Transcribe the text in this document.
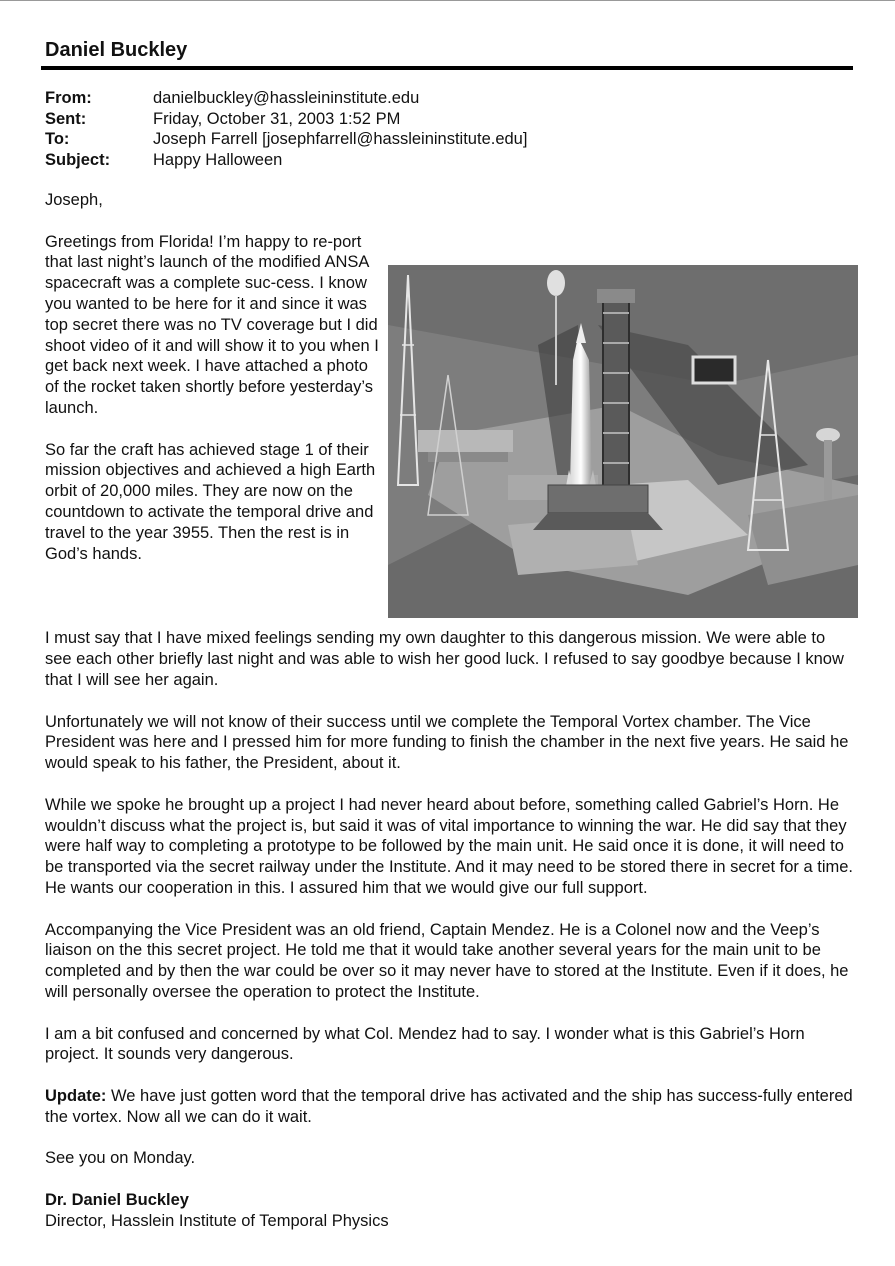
Daniel Buckley
From:	danielbuckley@hassleininstitute.edu
Sent:	Friday, October 31, 2003 1:52 PM
To:	Joseph Farrell [josephfarrell@hassleininstitute.edu]
Subject:	Happy Halloween

Joseph,

Greetings from Florida! I’m happy to re-port that last night’s launch of the modified ANSA spacecraft was a complete suc-cess. I know you wanted to be here for it and since it was top secret there was no TV coverage but I did shoot video of it and will show it to you when I get back next week. I have attached a photo of the rocket taken shortly before yesterday’s launch.

So far the craft has achieved stage 1 of their mission objectives and achieved a high Earth orbit of 20,000 miles. They are now on the countdown to activate the temporal drive and travel to the year 3955. Then the rest is in God’s hands.

I must say that I have mixed feelings sending my own daughter to this dangerous mission. We were able to see each other briefly last night and was able to wish her good luck. I refused to say goodbye because I know that I will see her again.

Unfortunately we will not know of their success until we complete the Temporal Vortex chamber. The Vice President was here and I pressed him for more funding to finish the chamber in the next five years. He said he would speak to his father, the President, about it.

While we spoke he brought up a project I had never heard about before, something called Gabriel’s Horn. He wouldn’t discuss what the project is, but said it was of vital importance to winning the war. He did say that they were half way to completing a prototype to be followed by the main unit. He said once it is done, it will need to be transported via the secret railway under the Institute. And it may need to be stored there in secret for a time. He wants our cooperation in this. I assured him that we would give our full support.

Accompanying the Vice President was an old friend, Captain Mendez. He is a Colonel now and the Veep’s liaison on the this secret project. He told me that it would take another several years for the main unit to be completed and by then the war could be over so it may never have to stored at the Institute. Even if it does, he will personally oversee the operation to protect the Institute.

I am a bit confused and concerned by what Col. Mendez had to say. I wonder what is this Gabriel’s Horn project. It sounds very dangerous.

Update: We have just gotten word that the temporal drive has activated and the ship has success-fully entered the vortex. Now all we can do it wait.

See you on Monday.

Dr. Daniel Buckley
Director, Hasslein Institute of Temporal Physics
